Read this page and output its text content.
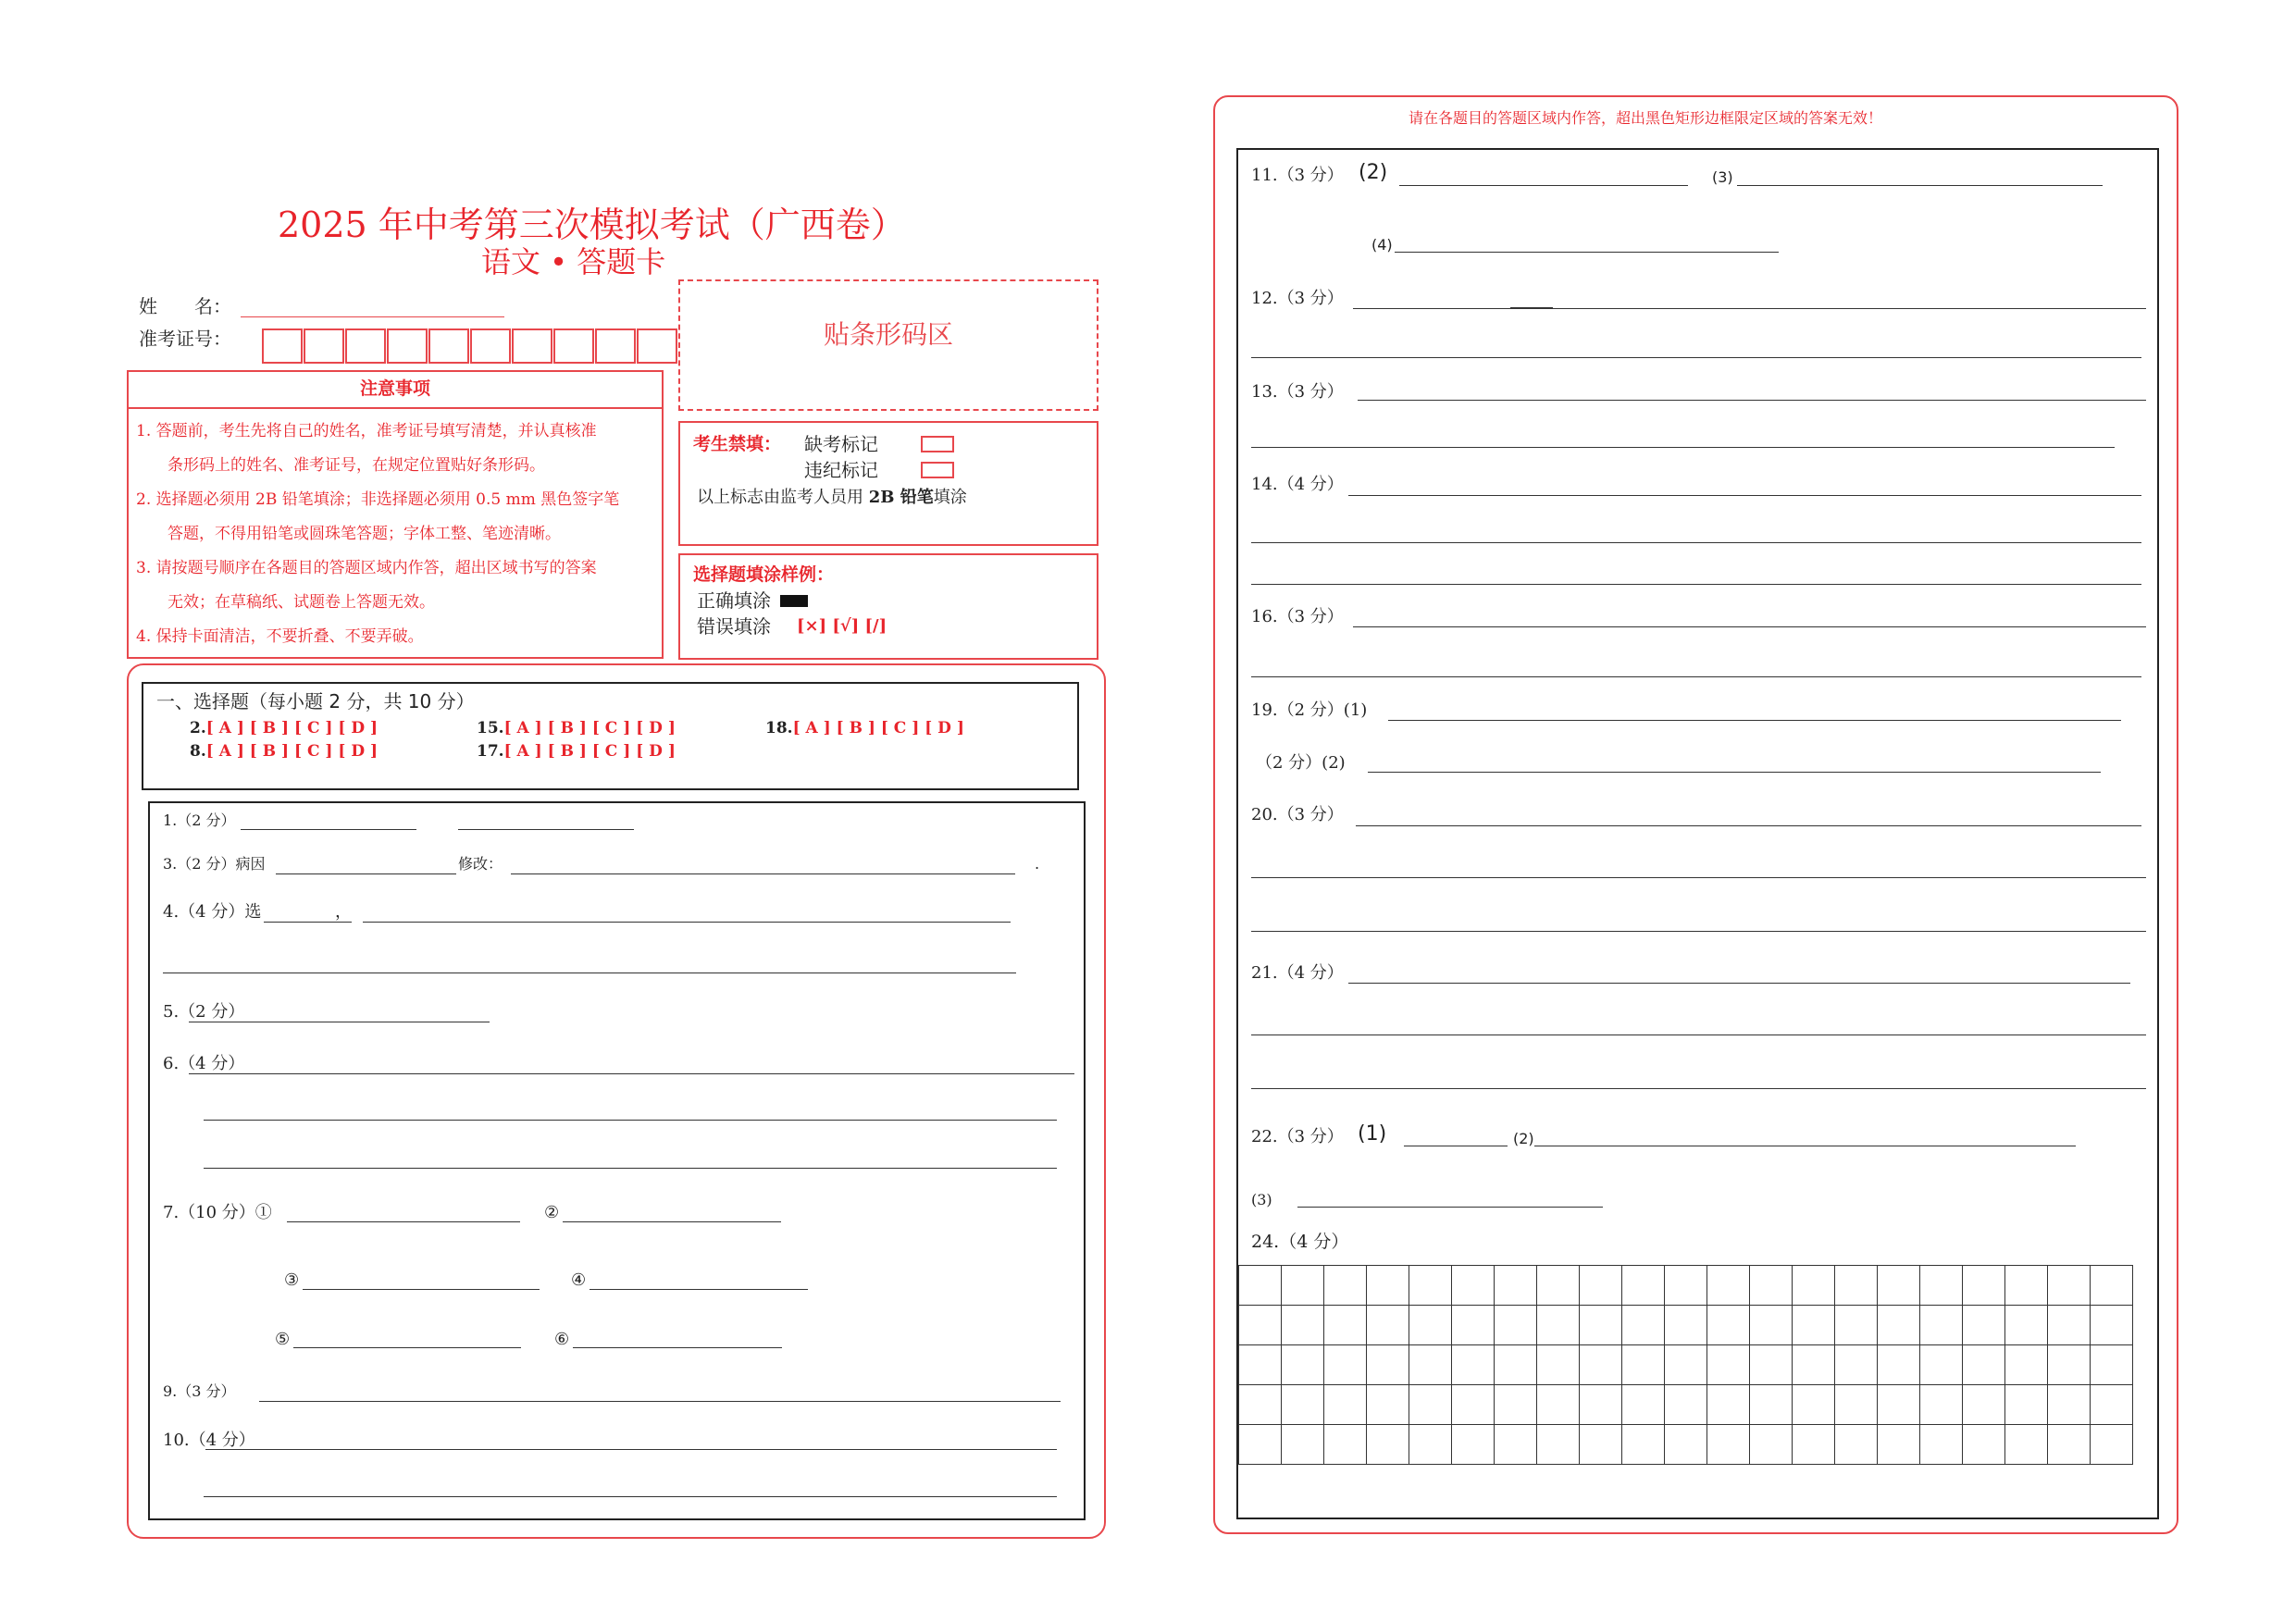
2025 年中考第三次模拟考试（广西卷）
语文 • 答题卡
姓　　名：
准考证号：	贴条形码区
注意事项

1. 答题前，考生先将自己的姓名，准考证号填写清楚，并认真核准

　　条形码上的姓名、准考证号，在规定位置贴好条形码。

2. 选择题必须用 2B 铅笔填涂；非选择题必须用 0.5 mm 黑色签字笔

　　答题，不得用铅笔或圆珠笔答题；字体工整、笔迹清晰。

3. 请按题号顺序在各题目的答题区域内作答，超出区域书写的答案

　　无效；在草稿纸、试题卷上答题无效。

4. 保持卡面清洁，不要折叠、不要弄破。

考生禁填： 缺考标记
违纪标记
以上标志由监考人员用 2B 铅笔填涂
选择题填涂样例：
正确填涂
错误填涂 [×] [√] [/]
一、选择题（每小题 2 分，共 10 分）
2.[ A ] [ B ] [ C ] [ D ]	15.[ A ] [ B ] [ C ] [ D ]	18.[ A ] [ B ] [ C ] [ D ]
8.[ A ] [ B ] [ C ] [ D ]	17.[ A ] [ B ] [ C ] [ D ]
1.（2 分）
3.（2 分）病因	修改：	.
4.（4 分）选	，
5.（2 分）
6.（4 分）
7.（10 分）①	②
③	④
⑤	⑥
9.（3 分）
10.（4 分）
请在各题目的答题区域内作答，超出黑色矩形边框限定区域的答案无效！
11.（3 分） (2)	(3)
(4)
12.（3 分）
13.（3 分）
14.（4 分）
16.（3 分）
19.（2 分）(1)
（2 分）(2)
20.（3 分）
21.（4 分）
22.（3 分） (1)	(2)
(3)
24.（4 分）
